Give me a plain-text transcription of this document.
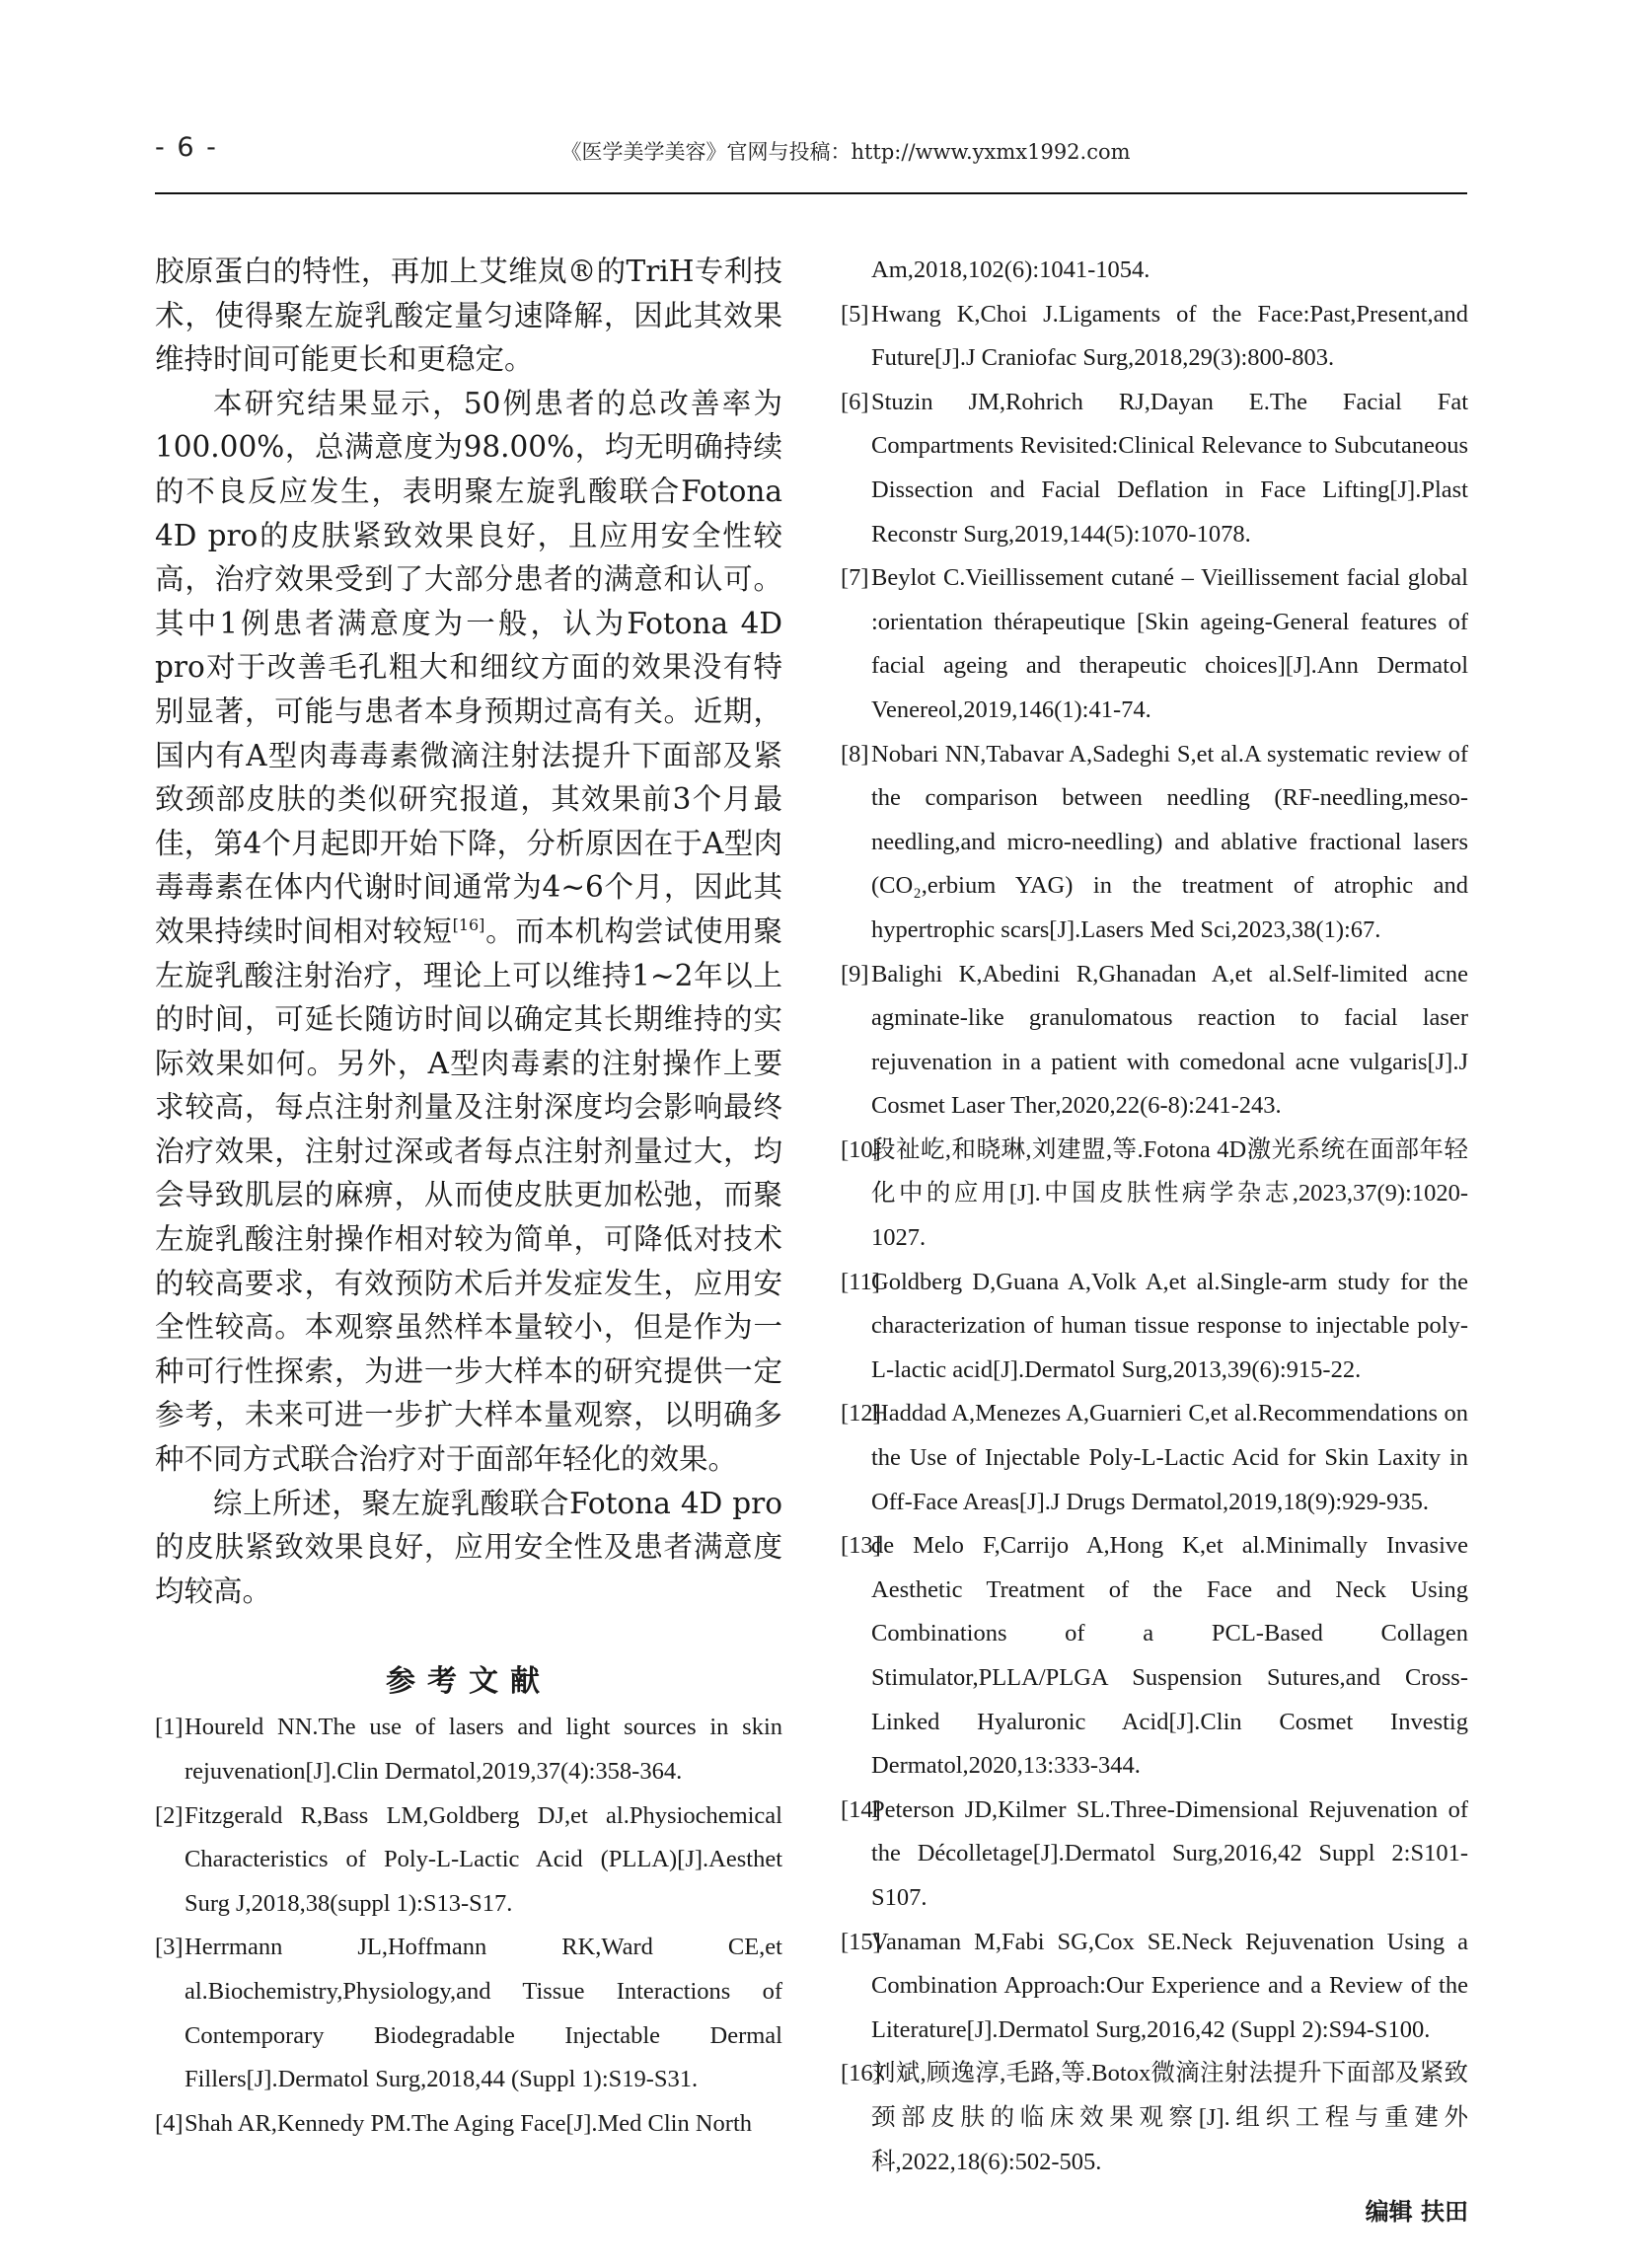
- 6 -	《医学美学美容》官网与投稿：http://www.yxmx1992.com

胶原蛋白的特性，再加上艾维岚®的TriH专利技术，使得聚左旋乳酸定量匀速降解，因此其效果维持时间可能更长和更稳定。

本研究结果显示，50例患者的总改善率为100.00%，总满意度为98.00%，均无明确持续的不良反应发生，表明聚左旋乳酸联合Fotona 4D pro的皮肤紧致效果良好，且应用安全性较高，治疗效果受到了大部分患者的满意和认可。其中1例患者满意度为一般，认为Fotona 4D pro对于改善毛孔粗大和细纹方面的效果没有特别显著，可能与患者本身预期过高有关。近期，国内有A型肉毒毒素微滴注射法提升下面部及紧致颈部皮肤的类似研究报道，其效果前3个月最佳，第4个月起即开始下降，分析原因在于A型肉毒毒素在体内代谢时间通常为4~6个月，因此其效果持续时间相对较短[16]。而本机构尝试使用聚左旋乳酸注射治疗，理论上可以维持1~2年以上的时间，可延长随访时间以确定其长期维持的实际效果如何。另外，A型肉毒素的注射操作上要求较高，每点注射剂量及注射深度均会影响最终治疗效果，注射过深或者每点注射剂量过大，均会导致肌层的麻痹，从而使皮肤更加松弛，而聚左旋乳酸注射操作相对较为简单，可降低对技术的较高要求，有效预防术后并发症发生，应用安全性较高。本观察虽然样本量较小，但是作为一种可行性探索，为进一步大样本的研究提供一定参考，未来可进一步扩大样本量观察，以明确多种不同方式联合治疗对于面部年轻化的效果。

综上所述，聚左旋乳酸联合Fotona 4D pro的皮肤紧致效果良好，应用安全性及患者满意度均较高。

参考文献
[1] Houreld NN.The use of lasers and light sources in skin rejuvenation[J].Clin Dermatol,2019,37(4):358-364.
[2] Fitzgerald R,Bass LM,Goldberg DJ,et al.Physiochemical Characteristics of Poly-L-Lactic Acid (PLLA)[J].Aesthet Surg J,2018,38(suppl 1):S13-S17.
[3] Herrmann JL,Hoffmann RK,Ward CE,et al.Biochemistry,Physiology,and Tissue Interactions of Contemporary Biodegradable Injectable Dermal Fillers[J].Dermatol Surg,2018,44 (Suppl 1):S19-S31.
[4] Shah AR,Kennedy PM.The Aging Face[J].Med Clin North
Am,2018,102(6):1041-1054.
[5] Hwang K,Choi J.Ligaments of the Face:Past,Present,and Future[J].J Craniofac Surg,2018,29(3):800-803.
[6] Stuzin JM,Rohrich RJ,Dayan E.The Facial Fat Compartments Revisited:Clinical Relevance to Subcutaneous Dissection and Facial Deflation in Face Lifting[J].Plast Reconstr Surg,2019,144(5):1070-1078.
[7] Beylot C.Vieillissement cutané – Vieillissement facial global :orientation thérapeutique [Skin ageing-General features of facial ageing and therapeutic choices][J].Ann Dermatol Venereol,2019,146(1):41-74.
[8] Nobari NN,Tabavar A,Sadeghi S,et al.A systematic review of the comparison between needling (RF-needling,meso-needling,and micro-needling) and ablative fractional lasers (CO₂,erbium YAG) in the treatment of atrophic and hypertrophic scars[J].Lasers Med Sci,2023,38(1):67.
[9] Balighi K,Abedini R,Ghanadan A,et al.Self-limited acne agminate-like granulomatous reaction to facial laser rejuvenation in a patient with comedonal acne vulgaris[J].J Cosmet Laser Ther,2020,22(6-8):241-243.
[10]
段祉屹,和晓琳,刘建盟,等.Fotona 4D激光系统在面部年轻化中的应用[J].中国皮肤性病学杂志,2023,37(9):1020-1027.
[11]
Goldberg D,Guana A,Volk A,et al.Single-arm study for the characterization of human tissue response to injectable poly-L-lactic acid[J].Dermatol Surg,2013,39(6):915-22.
[12]
Haddad A,Menezes A,Guarnieri C,et al.Recommendations on the Use of Injectable Poly-L-Lactic Acid for Skin Laxity in Off-Face Areas[J].J Drugs Dermatol,2019,18(9):929-935.
[13]
de Melo F,Carrijo A,Hong K,et al.Minimally Invasive Aesthetic Treatment of the Face and Neck Using Combinations of a PCL-Based Collagen Stimulator,PLLA/PLGA Suspension Sutures,and Cross-Linked Hyaluronic Acid[J].Clin Cosmet Investig Dermatol,2020,13:333-344.
[14]
Peterson JD,Kilmer SL.Three-Dimensional Rejuvenation of the Décolletage[J].Dermatol Surg,2016,42 Suppl 2:S101-S107.
[15]
Vanaman M,Fabi SG,Cox SE.Neck Rejuvenation Using a Combination Approach:Our Experience and a Review of the Literature[J].Dermatol Surg,2016,42 (Suppl 2):S94-S100.
[16]
刘斌,顾逸淳,毛路,等.Botox微滴注射法提升下面部及紧致颈部皮肤的临床效果观察[J].组织工程与重建外科,2022,18(6):502-505.
编辑 扶田
